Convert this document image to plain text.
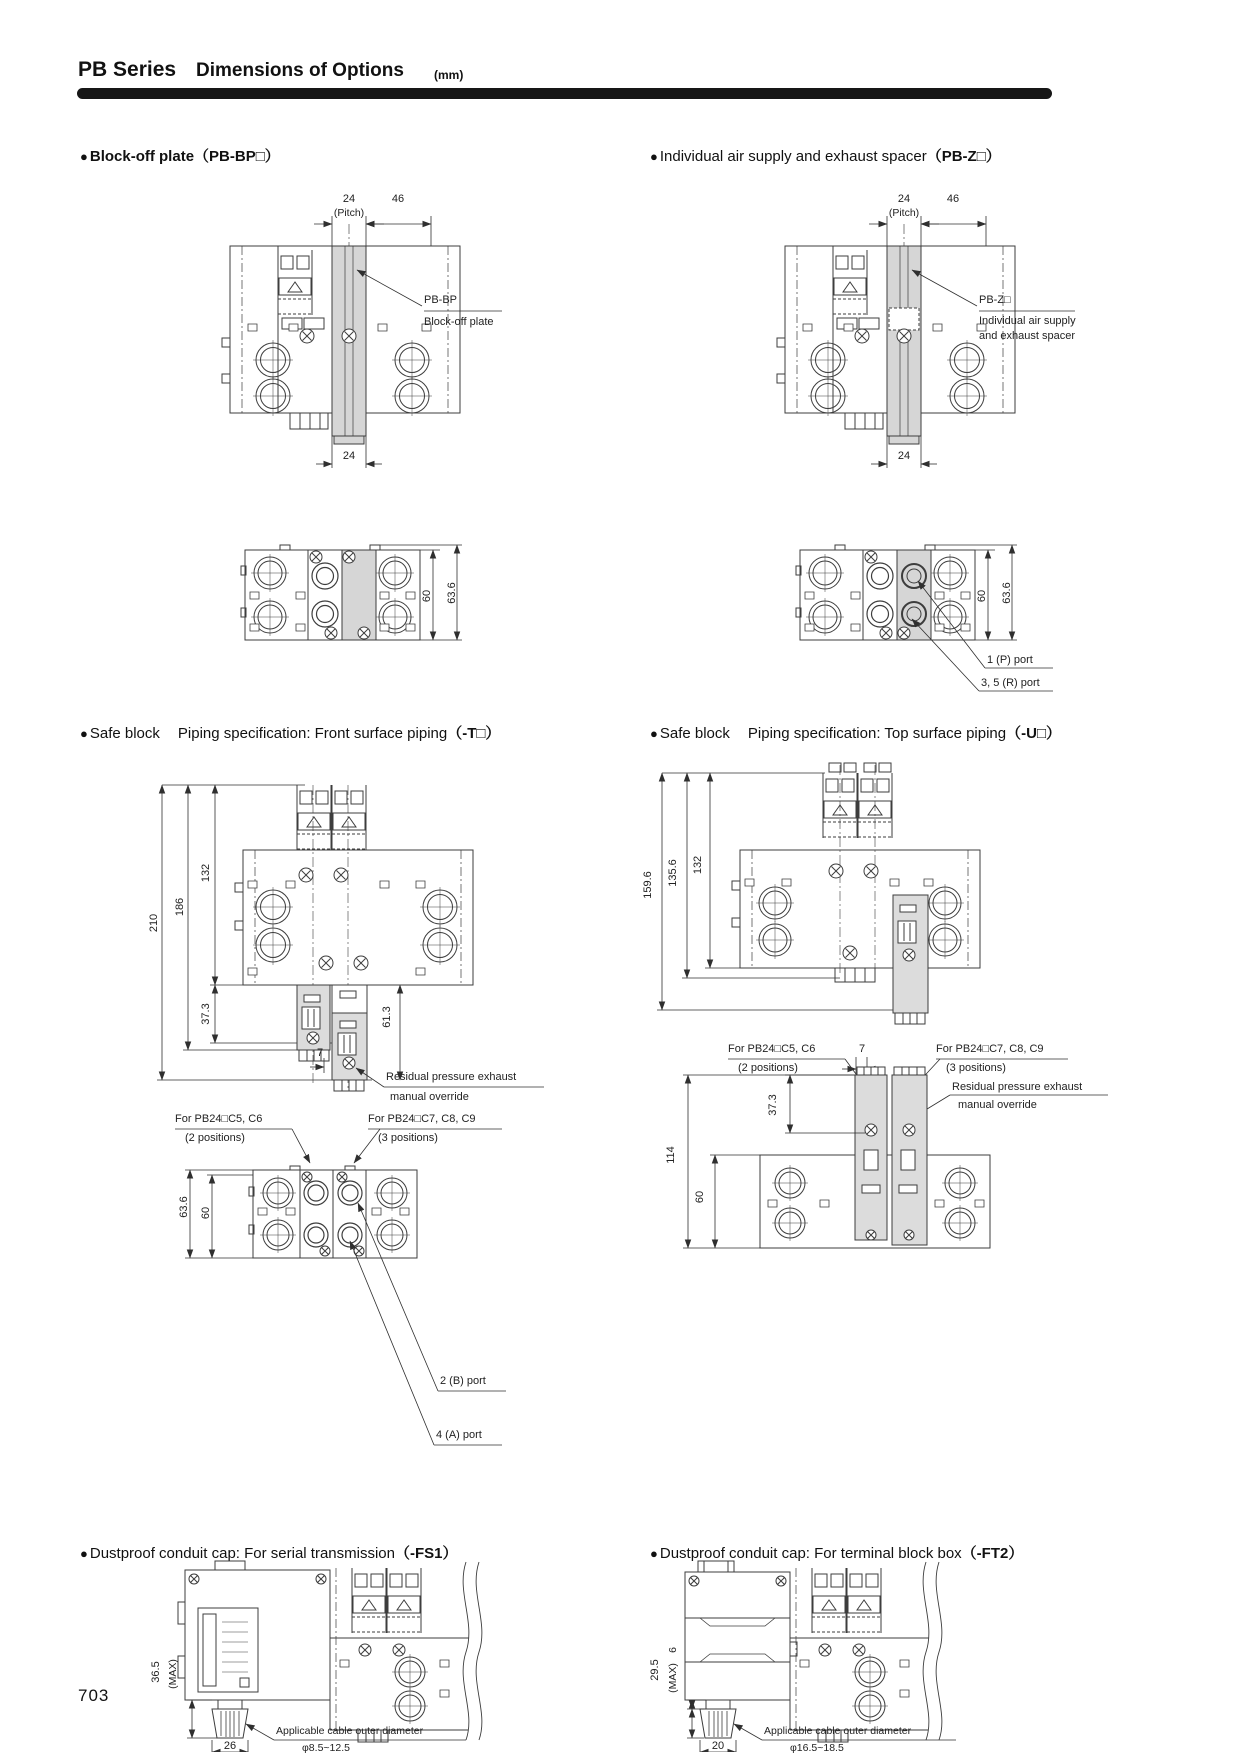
PB Series Dimensions of Options	(mm)
● Block-off plate（PB-BP□）	● Individual air supply and exhaust spacer（PB-Z□）
● Safe block Piping specification: Front surface piping（-T□）	● Safe block Piping specification: Top surface piping（-U□）
● Dustproof conduit cap: For serial transmission（-FS1）	● Dustproof conduit cap: For terminal block box（-FT2）
24
(Pitch)
46
24
PB-BP
Block-off plate
60 63.6
24
(Pitch)
46
24
PB-Z□
Individual air supply
and exhaust spacer
60 63.6
1 (P) port
3, 5 (R) port
210
186
132
37.3	61.3
7
Residual pressure exhaust
manual override
For PB24□C5, C6
(2 positions)
For PB24□C7, C8, C9
(3 positions)
63.6 60
2 (B) port
4 (A) port
159.6 135.6 132
For PB24□C5, C6
(2 positions)
7	For PB24□C7, C8, C9
(3 positions)
Residual pressure exhaust
manual override
37.3
114
60
36.5 (MAX)
26
Applicable cable outer diameter
φ8.5~12.5
6
29.5 (MAX)
20
Applicable cable outer diameter
φ16.5~18.5
703
